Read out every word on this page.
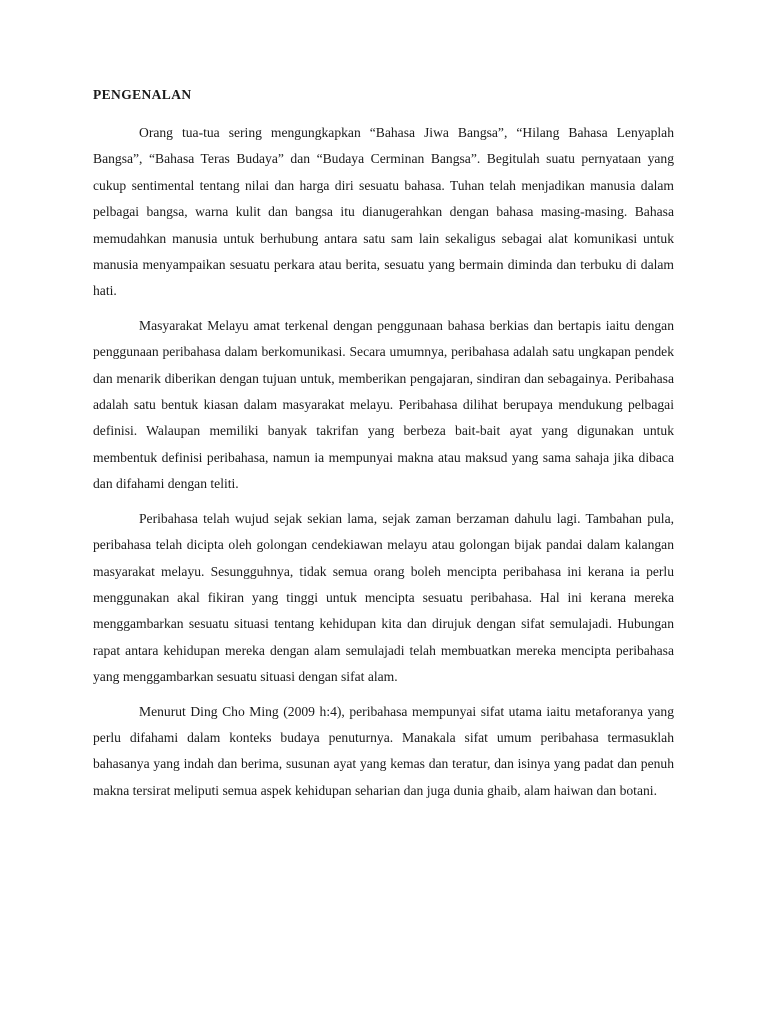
PENGENALAN

Orang tua-tua sering mengungkapkan “Bahasa Jiwa Bangsa”, “Hilang Bahasa Lenyaplah Bangsa”, “Bahasa Teras Budaya” dan “Budaya Cerminan Bangsa”. Begitulah suatu pernyataan yang cukup sentimental tentang nilai dan harga diri sesuatu bahasa. Tuhan telah menjadikan manusia dalam pelbagai bangsa, warna kulit dan bangsa itu dianugerahkan dengan bahasa masing-masing. Bahasa memudahkan manusia untuk berhubung antara satu sam lain sekaligus sebagai alat komunikasi untuk manusia menyampaikan sesuatu perkara atau berita, sesuatu yang bermain diminda dan terbuku di dalam hati.

Masyarakat Melayu amat terkenal dengan penggunaan bahasa berkias dan bertapis iaitu dengan penggunaan peribahasa dalam berkomunikasi. Secara umumnya, peribahasa adalah satu ungkapan pendek dan menarik diberikan dengan tujuan untuk, memberikan pengajaran, sindiran dan sebagainya. Peribahasa adalah satu bentuk kiasan dalam masyarakat melayu. Peribahasa dilihat berupaya mendukung pelbagai definisi. Walaupan memiliki banyak takrifan yang berbeza bait-bait ayat yang digunakan untuk membentuk definisi peribahasa, namun ia mempunyai makna atau maksud yang sama sahaja jika dibaca dan difahami dengan teliti.

Peribahasa telah wujud sejak sekian lama, sejak zaman berzaman dahulu lagi. Tambahan pula, peribahasa telah dicipta oleh golongan cendekiawan melayu atau golongan bijak pandai dalam kalangan masyarakat melayu. Sesungguhnya, tidak semua orang boleh mencipta peribahasa ini kerana ia perlu menggunakan akal fikiran yang tinggi untuk mencipta sesuatu peribahasa. Hal ini kerana mereka menggambarkan sesuatu situasi tentang kehidupan kita dan dirujuk dengan sifat semulajadi. Hubungan rapat antara kehidupan mereka dengan alam semulajadi telah membuatkan mereka mencipta peribahasa yang menggambarkan sesuatu situasi dengan sifat alam.

Menurut Ding Cho Ming (2009 h:4), peribahasa mempunyai sifat utama iaitu metaforanya yang perlu difahami dalam konteks budaya penuturnya. Manakala sifat umum peribahasa termasuklah bahasanya yang indah dan berima, susunan ayat yang kemas dan teratur, dan isinya yang padat dan penuh makna tersirat meliputi semua aspek kehidupan seharian dan juga dunia ghaib, alam haiwan dan botani.
